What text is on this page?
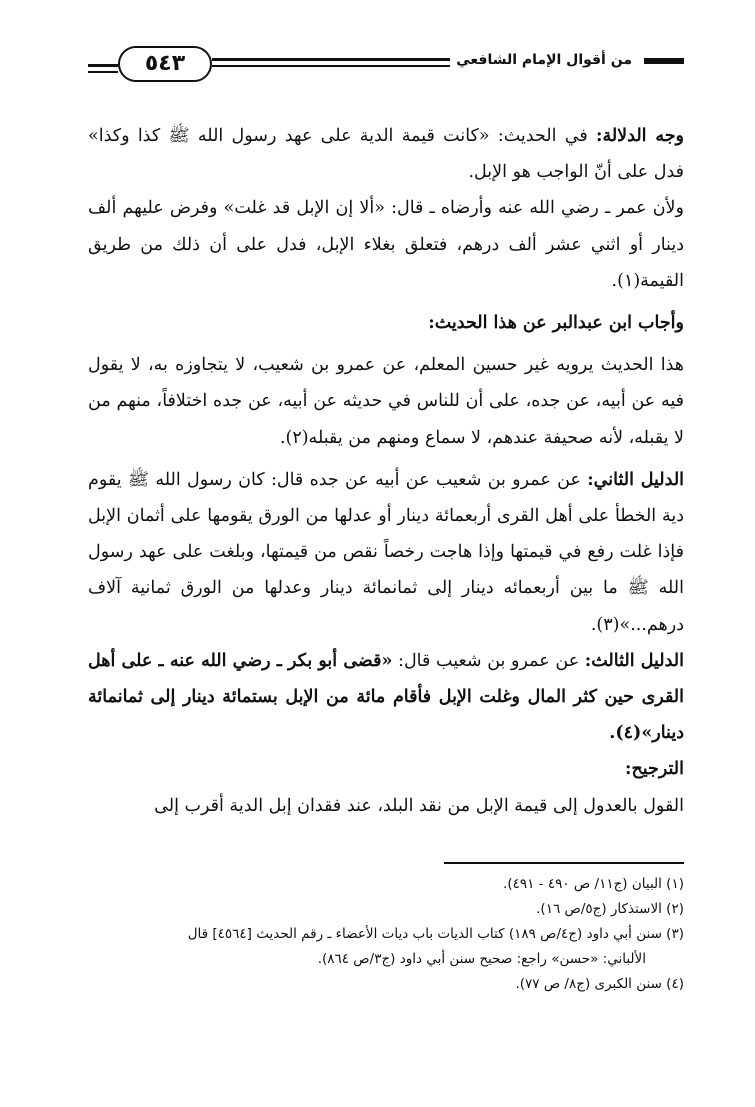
٥٤٣	من أقوال الإمام الشافعي

وجه الدلالة: في الحديث: «كانت قيمة الدية على عهد رسول الله ﷺ كذا وكذا» فدل على أنّ الواجب هو الإبل.

ولأن عمر ـ رضي الله عنه وأرضاه ـ قال: «ألا إن الإبل قد غلت» وفرض عليهم ألف دينار أو اثني عشر ألف درهم، فتعلق بغلاء الإبل، فدل على أن ذلك من طريق القيمة(١).

وأجاب ابن عبدالبر عن هذا الحديث:

هذا الحديث يرويه غير حسين المعلم، عن عمرو بن شعيب، لا يتجاوزه به، لا يقول فيه عن أبيه، عن جده، على أن للناس في حديثه عن أبيه، عن جده اختلافاً، منهم من لا يقبله، لأنه صحيفة عندهم، لا سماع ومنهم من يقبله(٢).

الدليل الثاني: عن عمرو بن شعيب عن أبيه عن جده قال: كان رسول الله ﷺ يقوم دية الخطأ على أهل القرى أربعمائة دينار أو عدلها من الورق يقومها على أثمان الإبل فإذا غلت رفع في قيمتها وإذا هاجت رخصاً نقص من قيمتها، وبلغت على عهد رسول الله ﷺ ما بين أربعمائه دينار إلى ثمانمائة دينار وعدلها من الورق ثمانية آلاف درهم...»(٣).

الدليل الثالث: عن عمرو بن شعيب قال: «قضى أبو بكر ـ رضي الله عنه ـ على أهل القرى حين كثر المال وغلت الإبل فأقام مائة من الإبل بستمائة دينار إلى ثمانمائة دينار»(٤).

الترجيح:

القول بالعدول إلى قيمة الإبل من نقد البلد، عند فقدان إبل الدية أقرب إلى

(١) البيان (ج١١/ ص ٤٩٠ - ٤٩١).

(٢) الاستذكار (ج٥/ص ١٦).

(٣) سنن أبي داود (ج٤/ص ١٨٩) كتاب الديات باب ديات الأعضاء ـ رقم الحديث [٤٥٦٤] قال

الألباني: «حسن» راجع: صحيح سنن أبي داود (ج٣/ص ٨٦٤).

(٤) سنن الكبرى (ج٨/ ص ٧٧).
